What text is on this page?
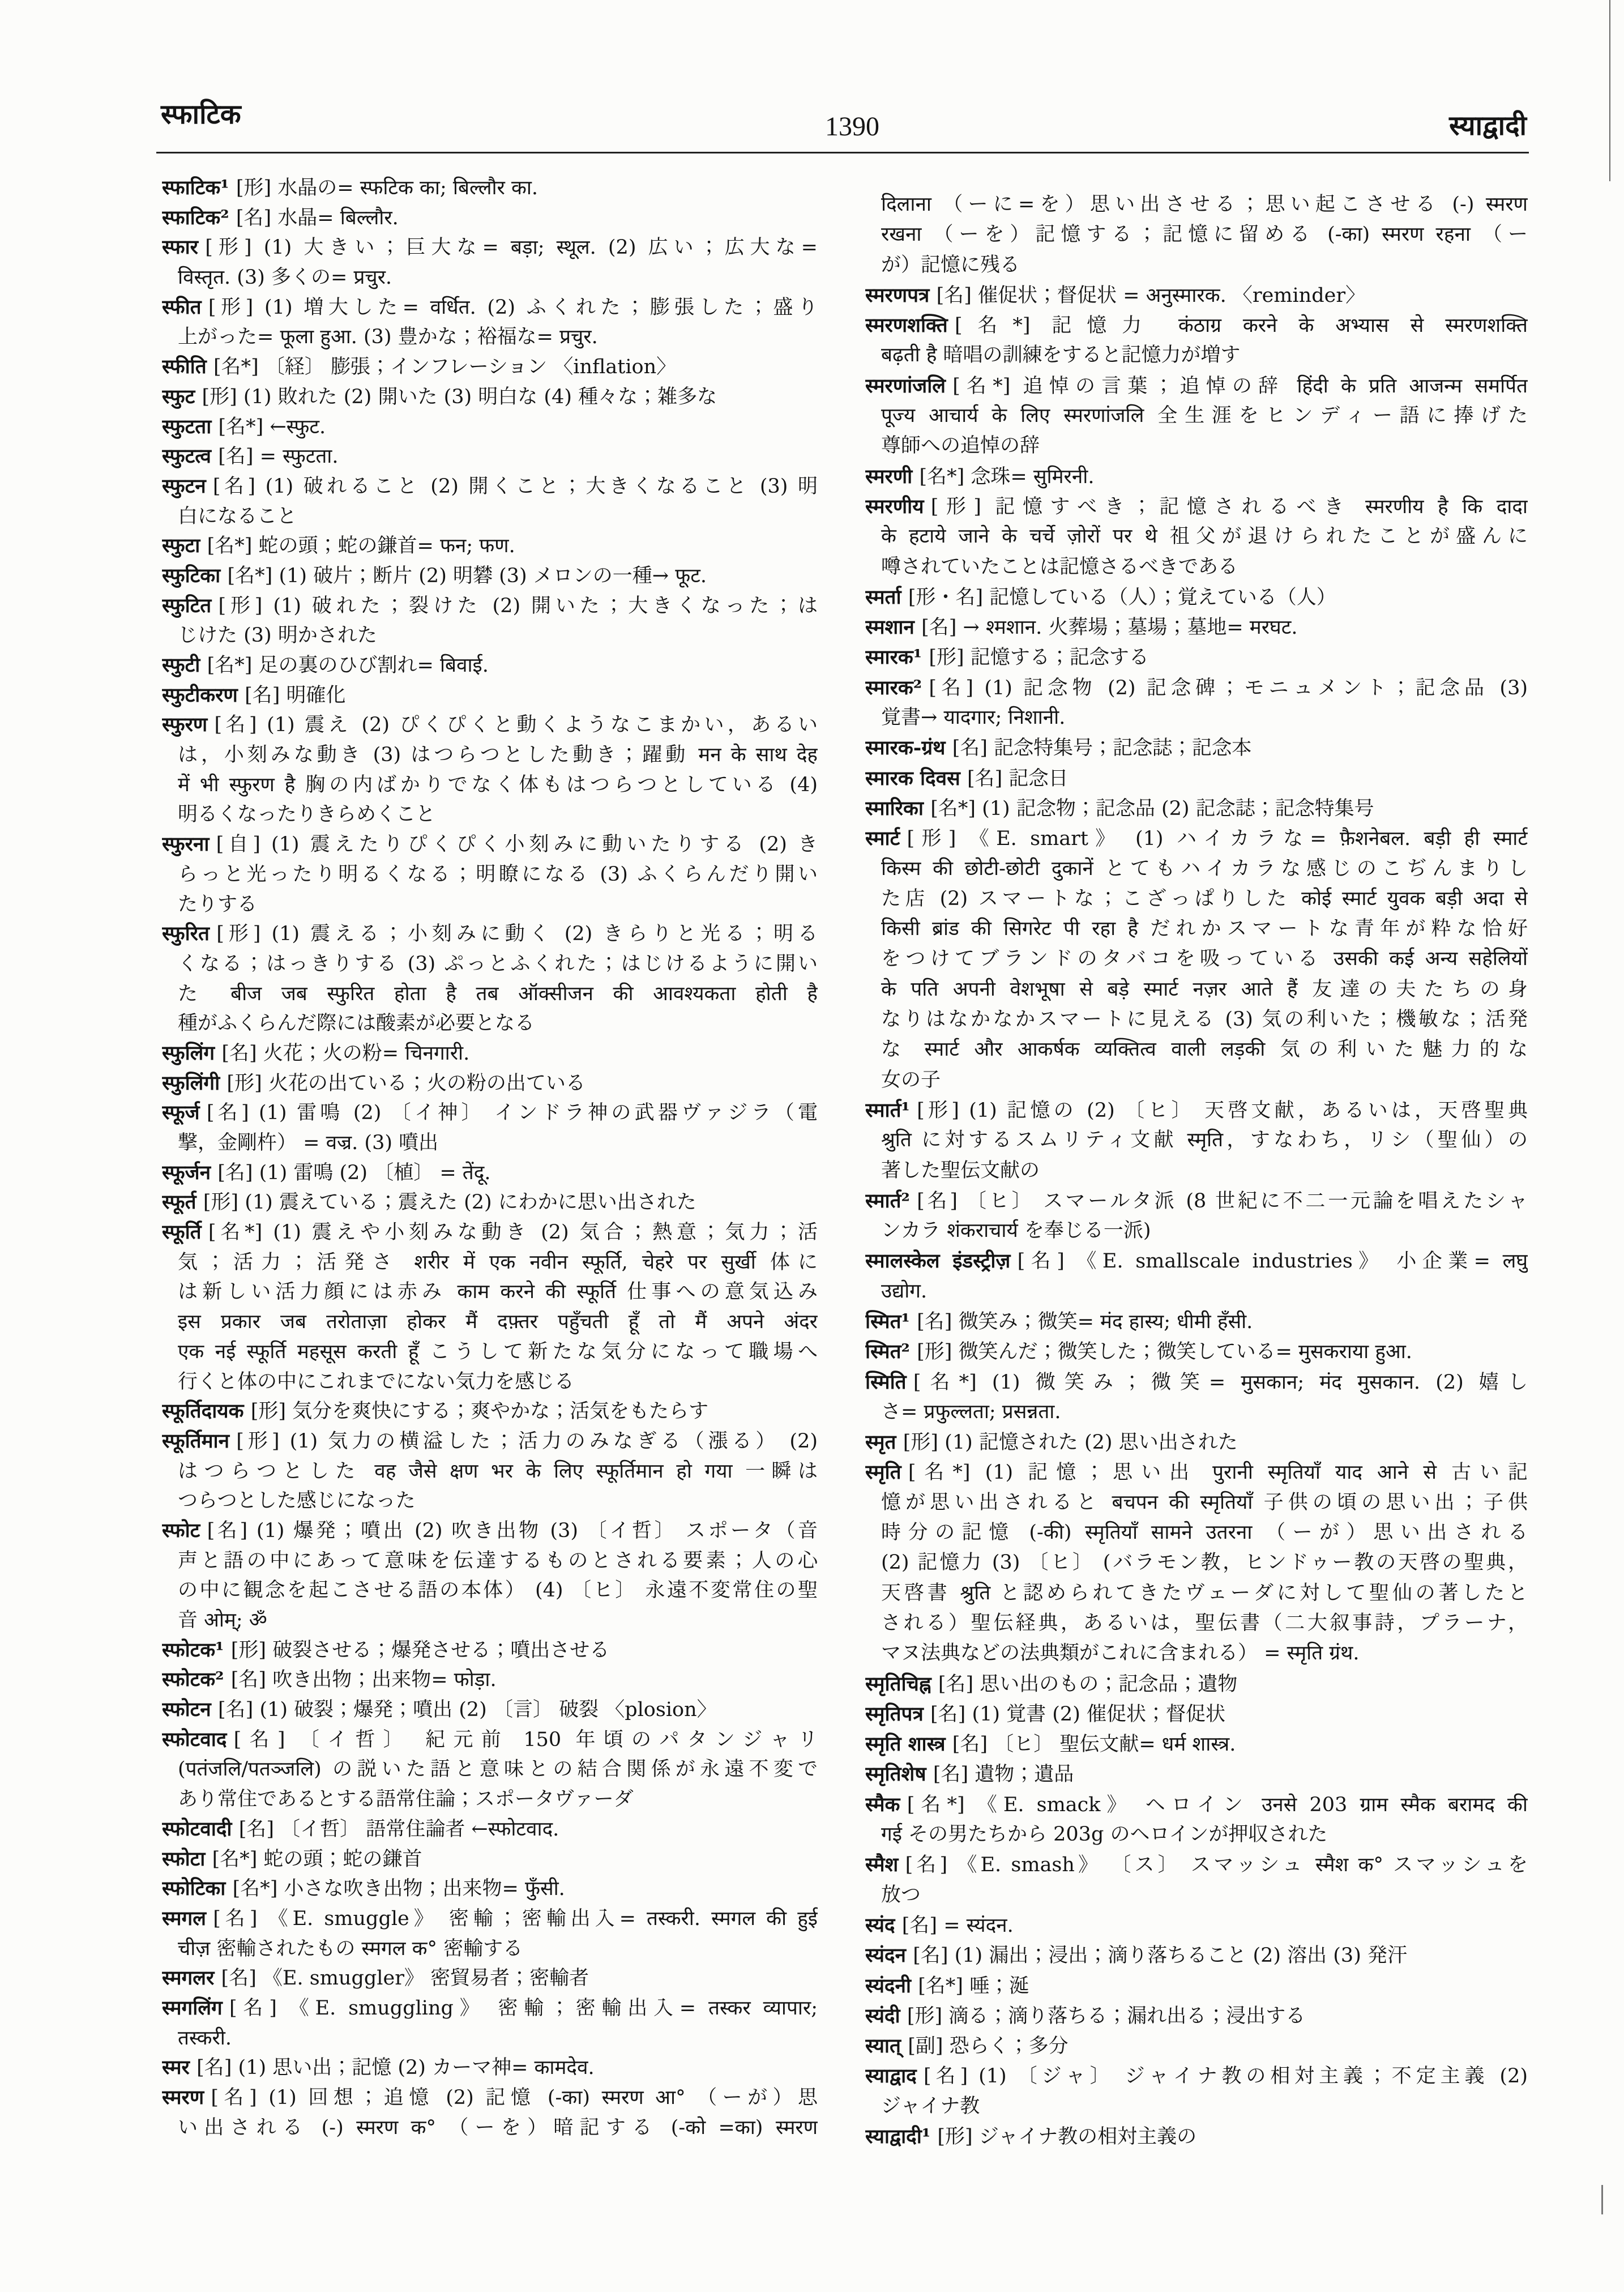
स्फाटिक	1390	स्याद्वादी
स्फाटिक¹ [形] 水晶の= स्फटिक का; बिल्लौर का.
स्फाटिक² [名] 水晶= बिल्लौर.
स्फार [形] (1) 大きい；巨大な= बड़ा; स्थूल. (2) 広い；広大な=
विस्तृत. (3) 多くの= प्रचुर.
स्फीत [形] (1) 増大した= वर्धित. (2) ふくれた；膨張した；盛り
上がった= फूला हुआ. (3) 豊かな；裕福な= प्रचुर.
स्फीति [名*] 〔経〕 膨張；インフレーション 〈inflation〉
स्फुट [形] (1) 敗れた (2) 開いた (3) 明白な (4) 種々な；雑多な
स्फुटता [名*] ←स्फुट.
स्फुटत्व [名] = स्फुटता.
स्फुटन [名] (1) 破れること (2) 開くこと；大きくなること (3) 明
白になること
स्फुटा [名*] 蛇の頭；蛇の鎌首= फन; फण.
स्फुटिका [名*] (1) 破片；断片 (2) 明礬 (3) メロンの一種→ फूट.
स्फुटित [形] (1) 破れた；裂けた (2) 開いた；大きくなった；は
じけた (3) 明かされた
स्फुटी [名*] 足の裏のひび割れ= बिवाई.
स्फुटीकरण [名] 明確化
स्फुरण [名] (1) 震え (2) ぴくぴくと動くようなこまかい，あるい
は，小刻みな動き (3) はつらつとした動き；躍動 मन के साथ देह
में भी स्फुरण है 胸の内ばかりでなく体もはつらつとしている (4)
明るくなったりきらめくこと
स्फुरना [自] (1) 震えたりぴくぴく小刻みに動いたりする (2) き
らっと光ったり明るくなる；明瞭になる (3) ふくらんだり開い
たりする
स्फुरित [形] (1) 震える；小刻みに動く (2) きらりと光る；明る
くなる；はっきりする (3) ぷっとふくれた；はじけるように開い
た बीज जब स्फुरित होता है तब ऑक्सीजन की आवश्यकता होती है
種がふくらんだ際には酸素が必要となる
स्फुलिंग [名] 火花；火の粉= चिनगारी.
स्फुलिंगी [形] 火花の出ている；火の粉の出ている
स्फूर्ज [名] (1) 雷鳴 (2) 〔イ神〕 インドラ神の武器ヴァジラ（電
撃，金剛杵） = वज्र. (3) 噴出
स्फूर्जन [名] (1) 雷鳴 (2) 〔植〕 = तेंदू.
स्फूर्त [形] (1) 震えている；震えた (2) にわかに思い出された
स्फूर्ति [名*] (1) 震えや小刻みな動き (2) 気合；熱意；気力；活
気；活力；活発さ शरीर में एक नवीन स्फूर्ति, चेहरे पर सुर्खी 体に
は新しい活力顔には赤み काम करने की स्फूर्ति 仕事への意気込み
इस प्रकार जब तरोताज़ा होकर मैं दफ़्तर पहुँचती हूँ तो मैं अपने अंदर
एक नई स्फूर्ति महसूस करती हूँ こうして新たな気分になって職場へ
行くと体の中にこれまでにない気力を感じる
स्फूर्तिदायक [形] 気分を爽快にする；爽やかな；活気をもたらす
स्फूर्तिमान [形] (1) 気力の横溢した；活力のみなぎる（漲る） (2)
はつらつとした वह जैसे क्षण भर के लिए स्फूर्तिमान हो गया 一瞬は
つらつとした感じになった
स्फोट [名] (1) 爆発；噴出 (2) 吹き出物 (3) 〔イ哲〕 スポータ（音
声と語の中にあって意味を伝達するものとされる要素；人の心
の中に観念を起こさせる語の本体） (4) 〔ヒ〕 永遠不変常住の聖
音 ओम्; ॐ
स्फोटक¹ [形] 破裂させる；爆発させる；噴出させる
स्फोटक² [名] 吹き出物；出来物= फोड़ा.
स्फोटन [名] (1) 破裂；爆発；噴出 (2) 〔言〕 破裂 〈plosion〉
स्फोटवाद [名] 〔イ哲〕 紀元前 150 年頃のパタンジャリ
(पतंजलि/पतञ्जलि) の説いた語と意味との結合関係が永遠不変で
あり常住であるとする語常住論；スポータヴァーダ
स्फोटवादी [名] 〔イ哲〕 語常住論者 ←स्फोटवाद.
स्फोटा [名*] 蛇の頭；蛇の鎌首
स्फोटिका [名*] 小さな吹き出物；出来物= फुँसी.
स्मगल [名] 《E. smuggle》 密輸；密輸出入= तस्करी. स्मगल की हुई
चीज़ 密輸されたもの स्मगल क° 密輸する
स्मगलर [名] 《E. smuggler》 密貿易者；密輸者
स्मगलिंग [名] 《E. smuggling》 密輸；密輸出入= तस्कर व्यापार;
तस्करी.
स्मर [名] (1) 思い出；記憶 (2) カーマ神= कामदेव.
स्मरण [名] (1) 回想；追憶 (2) 記憶 (-का) स्मरण आ° （ーが）思
い出される (-) स्मरण क° （ーを）暗記する (-को =का) स्मरण
दिलाना （ーに=を）思い出させる；思い起こさせる (-) स्मरण
रखना （ーを）記憶する；記憶に留める (-का) स्मरण रहना （ー
が）記憶に残る
स्मरणपत्र [名] 催促状；督促状 = अनुस्मारक. 〈reminder〉
स्मरणशक्ति [名*] 記憶力 कंठाग्र करने के अभ्यास से स्मरणशक्ति
बढ़ती है 暗唱の訓練をすると記憶力が増す
स्मरणांजलि [名*] 追悼の言葉；追悼の辞 हिंदी के प्रति आजन्म समर्पित
पूज्य आचार्य के लिए स्मरणांजलि 全生涯をヒンディー語に捧げた
尊師への追悼の辞
स्मरणी [名*] 念珠= सुमिरनी.
स्मरणीय [形] 記憶すべき；記憶されるべき स्मरणीय है कि दादा
के हटाये जाने के चर्चे ज़ोरों पर थे 祖父が退けられたことが盛んに
噂されていたことは記憶さるべきである
स्मर्ता [形・名] 記憶している（人）；覚えている（人）
स्मशान [名] → श्मशान. 火葬場；墓場；墓地= मरघट.
स्मारक¹ [形] 記憶する；記念する
स्मारक² [名] (1) 記念物 (2) 記念碑；モニュメント；記念品 (3)
覚書→ यादगार; निशानी.
स्मारक-ग्रंथ [名] 記念特集号；記念誌；記念本
स्मारक दिवस [名] 記念日
स्मारिका [名*] (1) 記念物；記念品 (2) 記念誌；記念特集号
स्मार्ट [形] 《E. smart》 (1) ハイカラな= फ़ैशनेबल. बड़ी ही स्मार्ट
किस्म की छोटी-छोटी दुकानें とてもハイカラな感じのこぢんまりし
た店 (2) スマートな；こざっぱりした कोई स्मार्ट युवक बड़ी अदा से
किसी ब्रांड की सिगरेट पी रहा है だれかスマートな青年が粋な恰好
をつけてブランドのタバコを吸っている उसकी कई अन्य सहेलियों
के पति अपनी वेशभूषा से बड़े स्मार्ट नज़र आते हैं 友達の夫たちの身
なりはなかなかスマートに見える (3) 気の利いた；機敏な；活発
な स्मार्ट और आकर्षक व्यक्तित्व वाली लड़की 気の利いた魅力的な
女の子
स्मार्त¹ [形] (1) 記憶の (2) 〔ヒ〕 天啓文献，あるいは，天啓聖典
श्रुति に対するスムリティ文献 स्मृति，すなわち，リシ（聖仙）の
著した聖伝文献の
स्मार्त² [名] 〔ヒ〕 スマールタ派 (8 世紀に不二一元論を唱えたシャ
ンカラ शंकराचार्य を奉じる一派)
स्मालस्केल इंडस्ट्रीज़ [名] 《E. smallscale industries》 小企業= लघु
उद्योग.
स्मित¹ [名] 微笑み；微笑= मंद हास्य; धीमी हँसी.
स्मित² [形] 微笑んだ；微笑した；微笑している= मुसकराया हुआ.
स्मिति [名*] (1) 微笑み；微笑= मुसकान; मंद मुसकान. (2) 嬉し
さ= प्रफुल्लता; प्रसन्नता.
स्मृत [形] (1) 記憶された (2) 思い出された
स्मृति [名*] (1) 記憶；思い出 पुरानी स्मृतियाँ याद आने से 古い記
憶が思い出されると बचपन की स्मृतियाँ 子供の頃の思い出；子供
時分の記憶 (-की) स्मृतियाँ सामने उतरना （ーが）思い出される
(2) 記憶力 (3) 〔ヒ〕 (バラモン教，ヒンドゥー教の天啓の聖典，
天啓書 श्रुति と認められてきたヴェーダに対して聖仙の著したと
される）聖伝経典，あるいは，聖伝書（二大叙事詩，プラーナ，
マヌ法典などの法典類がこれに含まれる） = स्मृति ग्रंथ.
स्मृतिचिह्न [名] 思い出のもの；記念品；遺物
स्मृतिपत्र [名] (1) 覚書 (2) 催促状；督促状
स्मृति शास्त्र [名] 〔ヒ〕 聖伝文献= धर्म शास्त्र.
स्मृतिशेष [名] 遺物；遺品
स्मैक [名*] 《E. smack》 ヘロイン उनसे 203 ग्राम स्मैक बरामद की
गई その男たちから 203g のヘロインが押収された
स्मैश [名] 《E. smash》 〔ス〕 スマッシュ स्मैश क° スマッシュを
放つ
स्यंद [名] = स्यंदन.
स्यंदन [名] (1) 漏出；浸出；滴り落ちること (2) 溶出 (3) 発汗
स्यंदनी [名*] 唾；涎
स्यंदी [形] 滴る；滴り落ちる；漏れ出る；浸出する
स्यात् [副] 恐らく；多分
स्याद्वाद [名] (1) 〔ジャ〕 ジャイナ教の相対主義；不定主義 (2)
ジャイナ教
स्याद्वादी¹ [形] ジャイナ教の相対主義の
